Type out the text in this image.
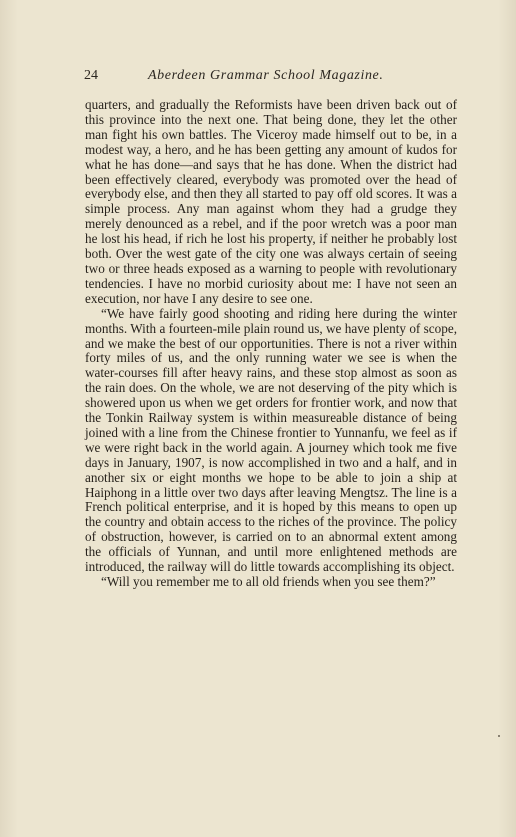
24	Aberdeen Grammar School Magazine.

quarters, and gradually the Reformists have been driven back out of this province into the next one. That being done, they let the other man fight his own battles. The Viceroy made himself out to be, in a modest way, a hero, and he has been getting any amount of kudos for what he has done—and says that he has done. When the district had been effectively cleared, everybody was promoted over the head of everybody else, and then they all started to pay off old scores. It was a simple process. Any man against whom they had a grudge they merely denounced as a rebel, and if the poor wretch was a poor man he lost his head, if rich he lost his property, if neither he probably lost both. Over the west gate of the city one was always certain of seeing two or three heads exposed as a warning to people with revolutionary tendencies. I have no morbid curiosity about me: I have not seen an execution, nor have I any desire to see one.

“We have fairly good shooting and riding here during the winter months. With a fourteen-mile plain round us, we have plenty of scope, and we make the best of our opportunities. There is not a river within forty miles of us, and the only running water we see is when the water-courses fill after heavy rains, and these stop almost as soon as the rain does. On the whole, we are not deserving of the pity which is showered upon us when we get orders for frontier work, and now that the Tonkin Railway system is within measureable distance of being joined with a line from the Chinese frontier to Yunnanfu, we feel as if we were right back in the world again. A journey which took me five days in January, 1907, is now accomplished in two and a half, and in another six or eight months we hope to be able to join a ship at Haiphong in a little over two days after leaving Mengtsz. The line is a French political enterprise, and it is hoped by this means to open up the country and obtain access to the riches of the province. The policy of obstruction, however, is carried on to an abnormal extent among the officials of Yunnan, and until more enlightened methods are introduced, the railway will do little towards accomplishing its object.

“Will you remember me to all old friends when you see them?”
